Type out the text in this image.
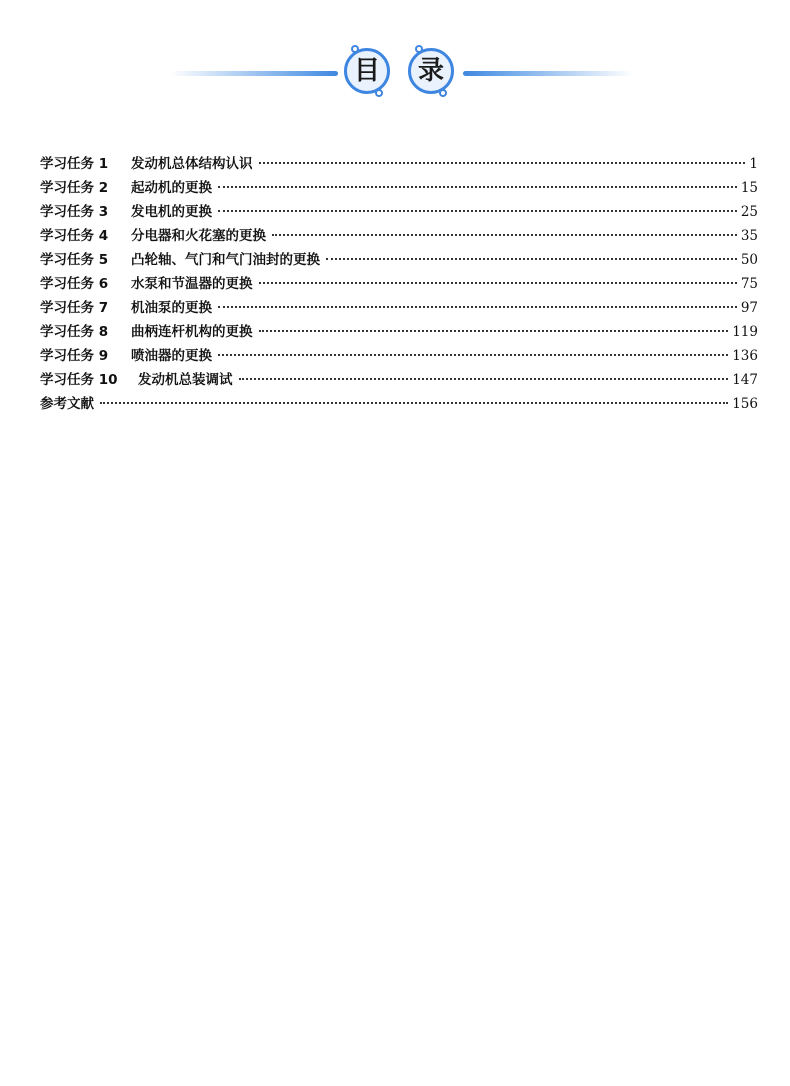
目	录
学习任务 1	发动机总体结构认识	1
学习任务 2	起动机的更换	15
学习任务 3	发电机的更换	25
学习任务 4	分电器和火花塞的更换	35
学习任务 5	凸轮轴、气门和气门油封的更换	50
学习任务 6	水泵和节温器的更换	75
学习任务 7	机油泵的更换	97
学习任务 8	曲柄连杆机构的更换	119
学习任务 9	喷油器的更换	136
学习任务 10	发动机总装调试	147
参考文献	156
